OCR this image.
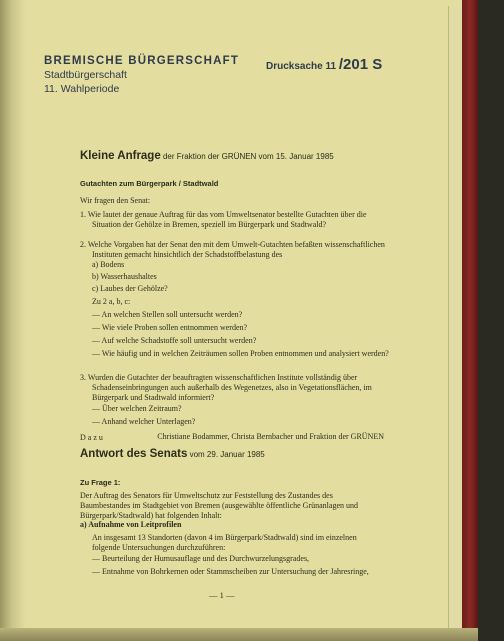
BREMISCHE BÜRGERSCHAFT
Stadtbürgerschaft
11. Wahlperiode
Drucksache 11 /201 S
Kleine Anfrage der Fraktion der GRÜNEN vom 15. Januar 1985
Gutachten zum Bürgerpark / Stadtwald
Wir fragen den Senat:
1. Wie lautet der genaue Auftrag für das vom Umweltsenator bestellte Gutachten über die Situation der Gehölze in Bremen, speziell im Bürgerpark und Stadtwald?
2. Welche Vorgaben hat der Senat den mit dem Umwelt-Gutachten befaßten wissenschaftlichen Instituten gemacht hinsichtlich der Schadstoffbelastung des
a) Bodens
b) Wasserhaushaltes
c) Laubes der Gehölze?
Zu 2 a, b, c:
— An welchen Stellen soll untersucht werden?
— Wie viele Proben sollen entnommen werden?
— Auf welche Schadstoffe soll untersucht werden?
— Wie häufig und in welchen Zeiträumen sollen Proben entnommen und analysiert werden?
3. Wurden die Gutachter der beauftragten wissenschaftlichen Institute vollständig über Schadenseinbringungen auch außerhalb des Wegenetzes, also in Vegetationsflächen, im Bürgerpark und Stadtwald informiert?
— Über welchen Zeitraum?
— Anhand welcher Unterlagen?
Christiane Bodammer, Christa Bernbacher und Fraktion der GRÜNEN
D a z u
Antwort des Senats vom 29. Januar 1985
Zu Frage 1:
Der Auftrag des Senators für Umweltschutz zur Feststellung des Zustandes des Baumbestandes im Stadtgebiet von Bremen (ausgewählte öffentliche Grünanlagen und Bürgerpark/Stadtwald) hat folgenden Inhalt:
a) Aufnahme von Leitprofilen
An insgesamt 13 Standorten (davon 4 im Bürgerpark/Stadtwald) sind im einzelnen folgende Untersuchungen durchzuführen:
— Beurteilung der Humusauflage und des Durchwurzelungsgrades,
— Entnahme von Bohrkernen oder Stammscheiben zur Untersuchung der Jahresringe,
— 1 —
